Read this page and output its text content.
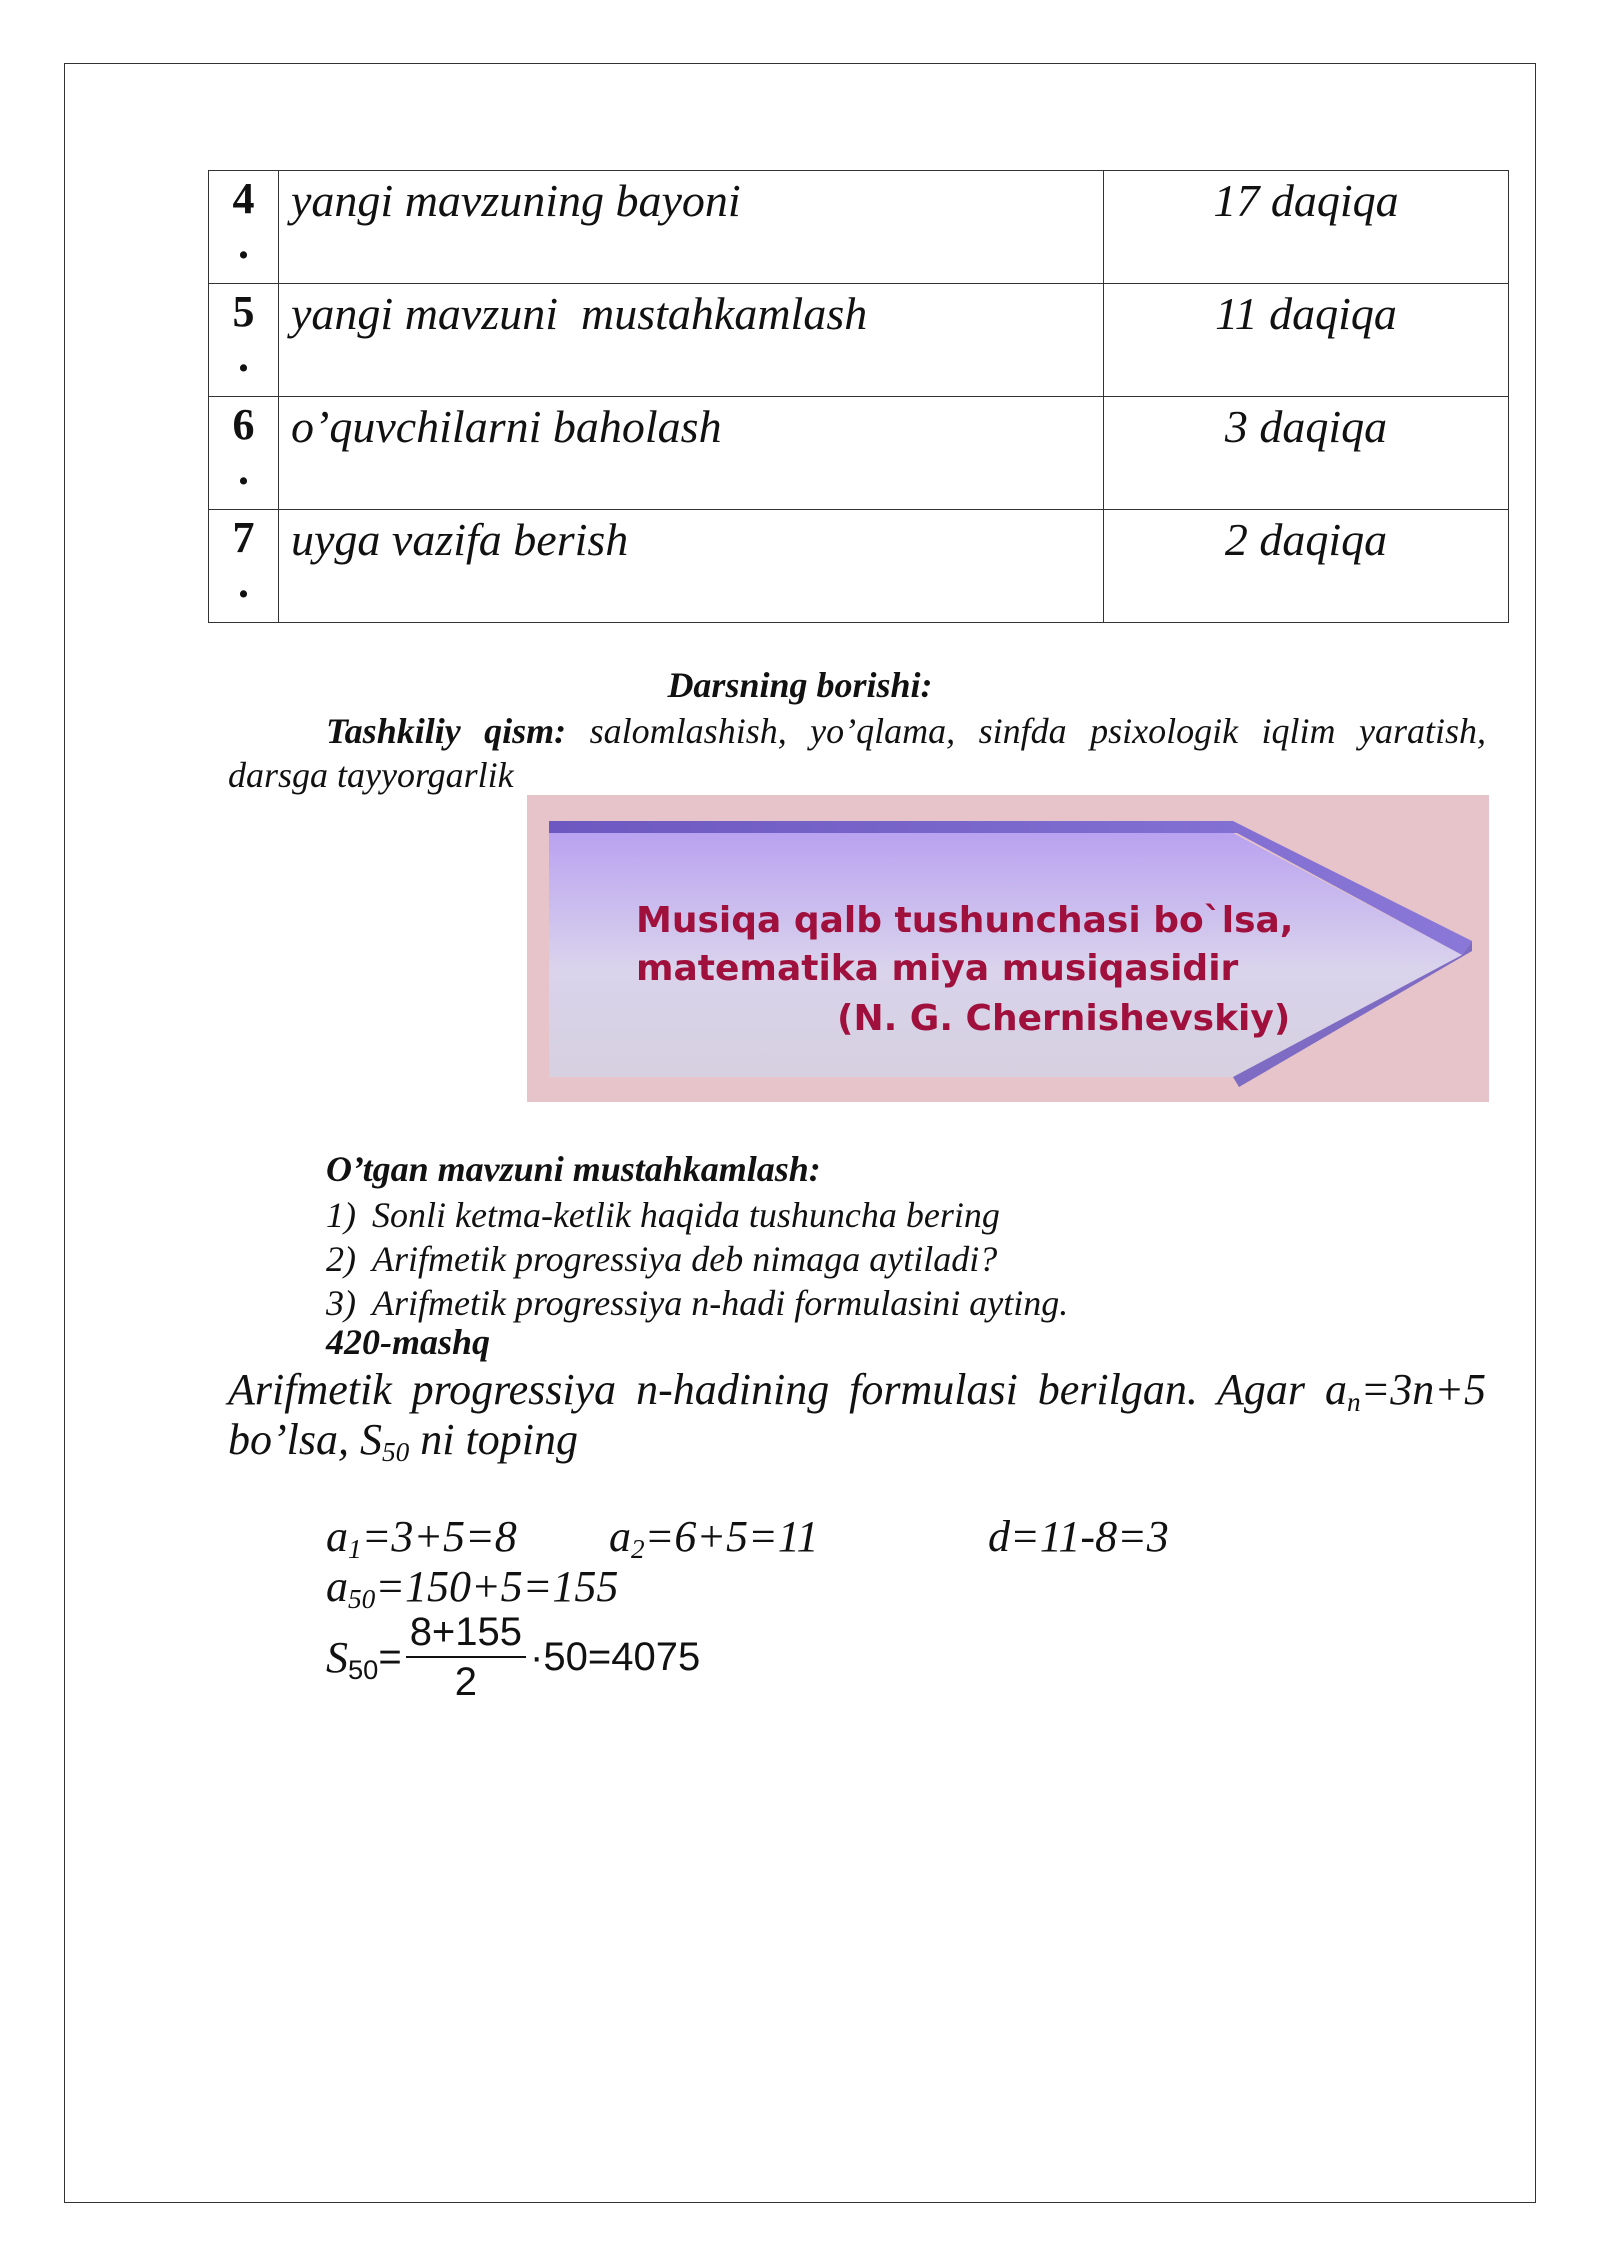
4
.	yangi mavzuning bayoni	17 daqiqa
5
.	yangi mavzuni  mustahkamlash	11 daqiqa
6
.	o’quvchilarni baholash	3 daqiqa
7
.	uyga vazifa berish	2 daqiqa
Darsning borishi:
Tashkiliy qism: salomlashish, yo’qlama, sinfda psixologik iqlim yaratish,
darsga tayyorgarlik
Musiqa qalb tushunchasi bo`lsa,
matematika miya musiqasidir
(N. G. Chernishevskiy)
O’tgan mavzuni mustahkamlash:
1) Sonli ketma-ketlik haqida tushuncha bering
2) Arifmetik progressiya deb nimaga aytiladi?
3) Arifmetik progressiya n-hadi formulasini ayting.
420-mashq
Arifmetik progressiya n-hadining formulasi berilgan. Agar $a_n=3n+5$
bo’lsa, $S_{50}$ ni toping
$a_1=3+5=8$ $a_2=6+5=11$	d=11-8=3
$a_{50}=150+5=155$
$S_{50} = \frac{8+155}{2} \cdot 50=4075$
